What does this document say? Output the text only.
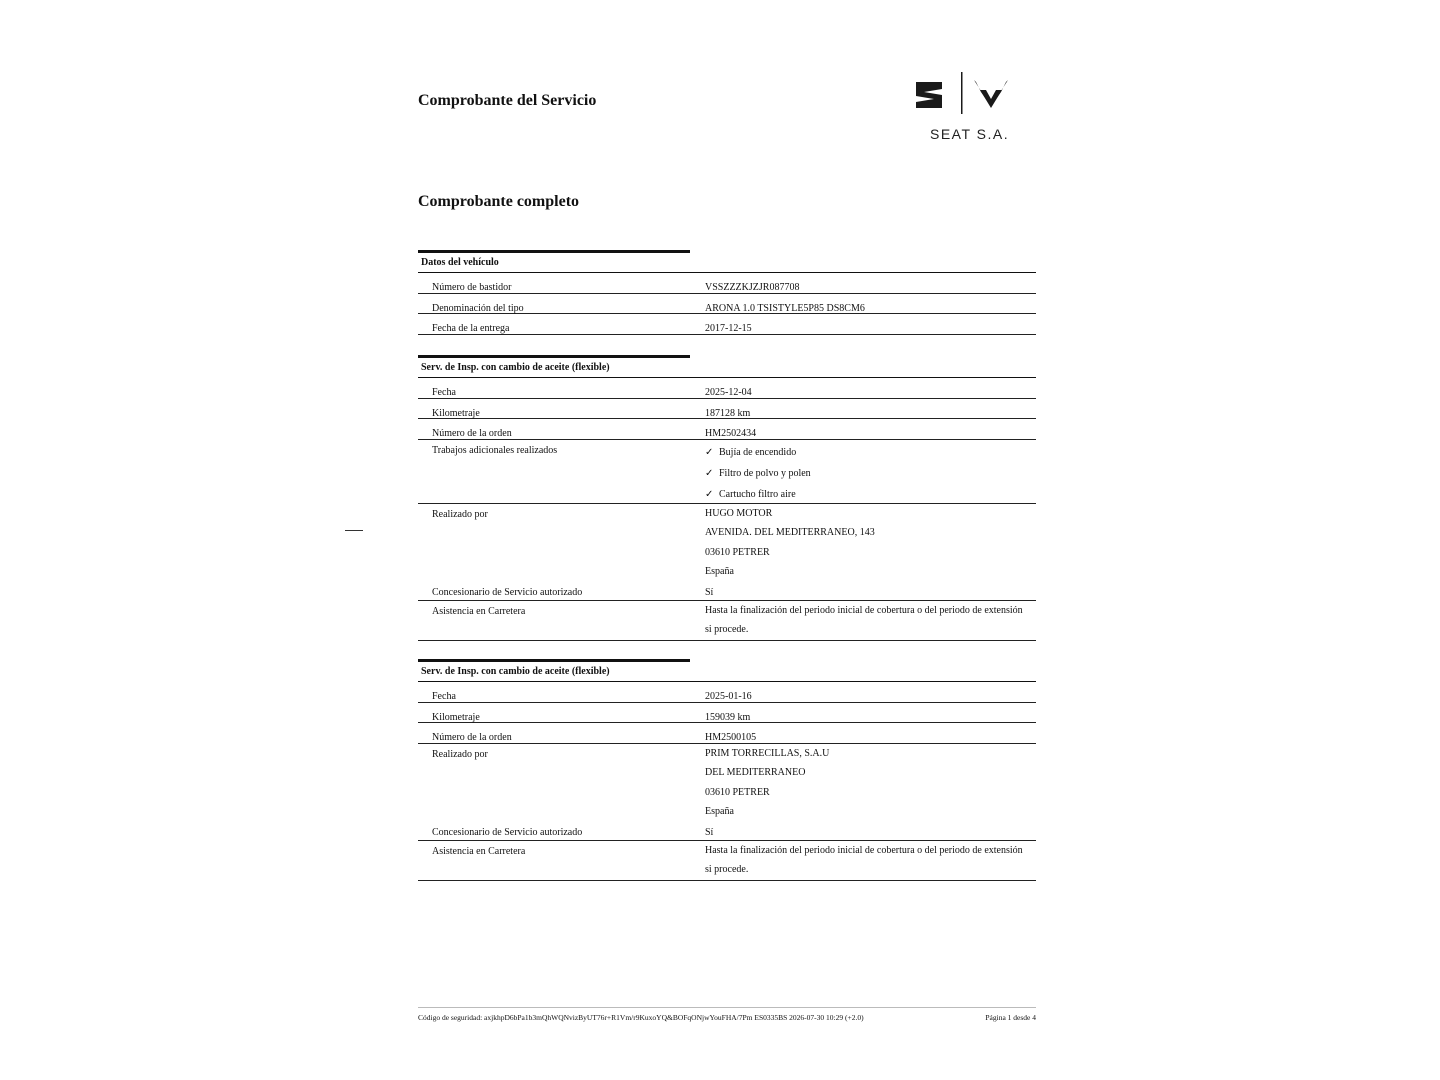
Comprobante del Servicio
SEAT S.A.
Comprobante completo
Datos del vehículo
Número de bastidor	VSSZZZKJZJR087708
Denominación del tipo	ARONA 1.0 TSISTYLE5P85 DS8CM6
Fecha de la entrega	2017-12-15
Serv. de Insp. con cambio de aceite (flexible)
Fecha	2025-12-04
Kilometraje	187128 km
Número de la orden	HM2502434
Trabajos adicionales realizados	✓ Bujía de encendido
✓ Filtro de polvo y polen
✓ Cartucho filtro aire
Realizado por	HUGO MOTOR
AVENIDA. DEL MEDITERRANEO, 143
03610 PETRER
España
Concesionario de Servicio autorizado	Sí
Asistencia en Carretera	Hasta la finalización del periodo inicial de cobertura o del periodo de extensión
si procede.
Serv. de Insp. con cambio de aceite (flexible)
Fecha	2025-01-16
Kilometraje	159039 km
Número de la orden	HM2500105
Realizado por	PRIM TORRECILLAS, S.A.U
DEL MEDITERRANEO
03610 PETRER
España
Concesionario de Servicio autorizado	Sí
Asistencia en Carretera	Hasta la finalización del periodo inicial de cobertura o del periodo de extensión
si procede.
Código de seguridad: axjkhpD6bPa1b3mQhWQNvizByUT76r+R1Vm/r9KuxoYQ&BOFqONjwYouFHA/7Pm ES0335BS 2026-07-30 10:29 (+2.0)	Página 1 desde 4
